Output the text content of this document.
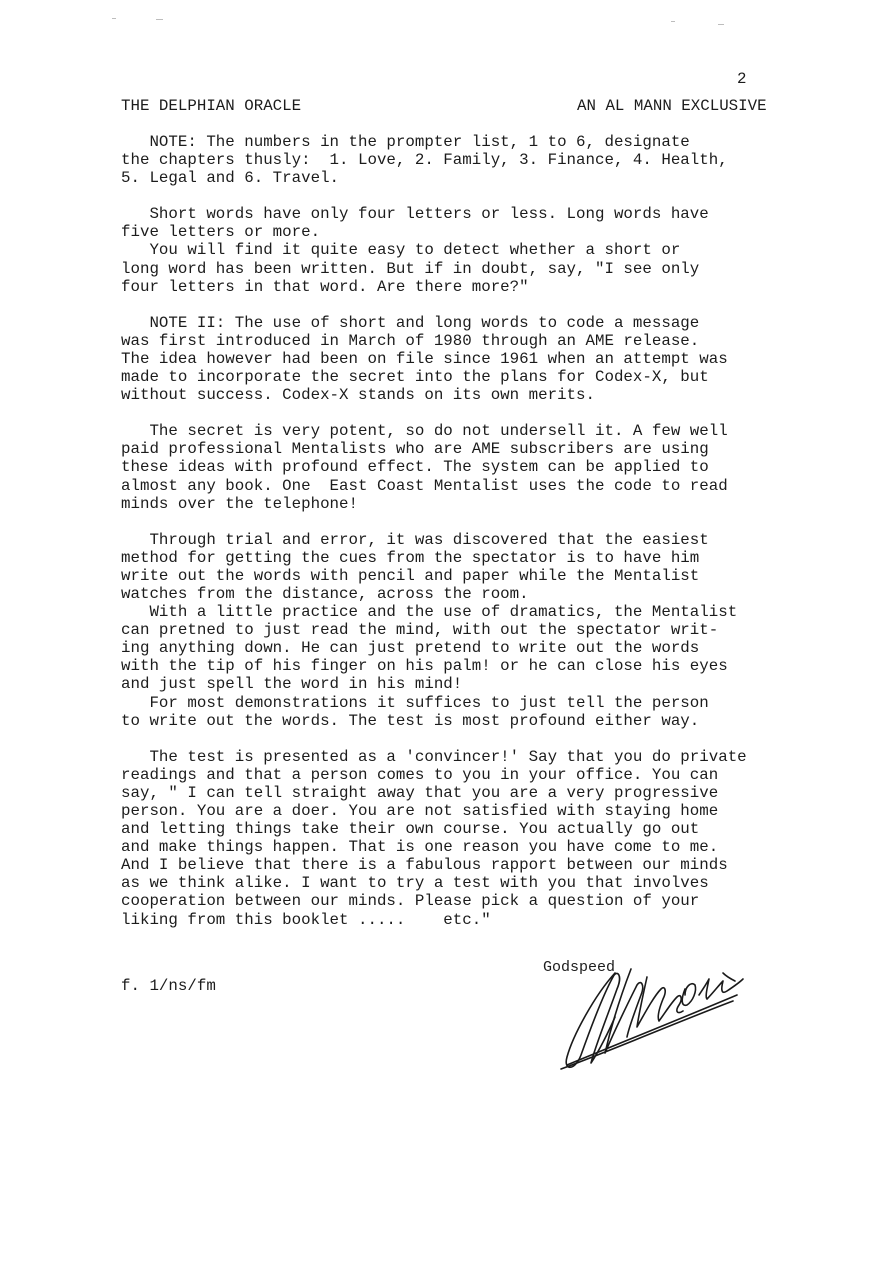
2
THE DELPHIAN ORACLE	AN AL MANN EXCLUSIVE
NOTE: The numbers in the prompter list, 1 to 6, designate
the chapters thusly:  1. Love, 2. Family, 3. Finance, 4. Health,
5. Legal and 6. Travel.
Short words have only four letters or less. Long words have
five letters or more.
You will find it quite easy to detect whether a short or
long word has been written. But if in doubt, say, "I see only
four letters in that word. Are there more?"
NOTE II: The use of short and long words to code a message
was first introduced in March of 1980 through an AME release.
The idea however had been on file since 1961 when an attempt was
made to incorporate the secret into the plans for Codex-X, but
without success. Codex-X stands on its own merits.
The secret is very potent, so do not undersell it. A few well
paid professional Mentalists who are AME subscribers are using
these ideas with profound effect. The system can be applied to
almost any book. One  East Coast Mentalist uses the code to read
minds over the telephone!
Through trial and error, it was discovered that the easiest
method for getting the cues from the spectator is to have him
write out the words with pencil and paper while the Mentalist
watches from the distance, across the room.
With a little practice and the use of dramatics, the Mentalist
can pretned to just read the mind, with out the spectator writ-
ing anything down. He can just pretend to write out the words
with the tip of his finger on his palm! or he can close his eyes
and just spell the word in his mind!
For most demonstrations it suffices to just tell the person
to write out the words. The test is most profound either way.
The test is presented as a 'convincer!' Say that you do private
readings and that a person comes to you in your office. You can
say, " I can tell straight away that you are a very progressive
person. You are a doer. You are not satisfied with staying home
and letting things take their own course. You actually go out
and make things happen. That is one reason you have come to me.
And I believe that there is a fabulous rapport between our minds
as we think alike. I want to try a test with you that involves
cooperation between our minds. Please pick a question of your
liking from this booklet .....    etc."
f. 1/ns/fm
Godspeed
